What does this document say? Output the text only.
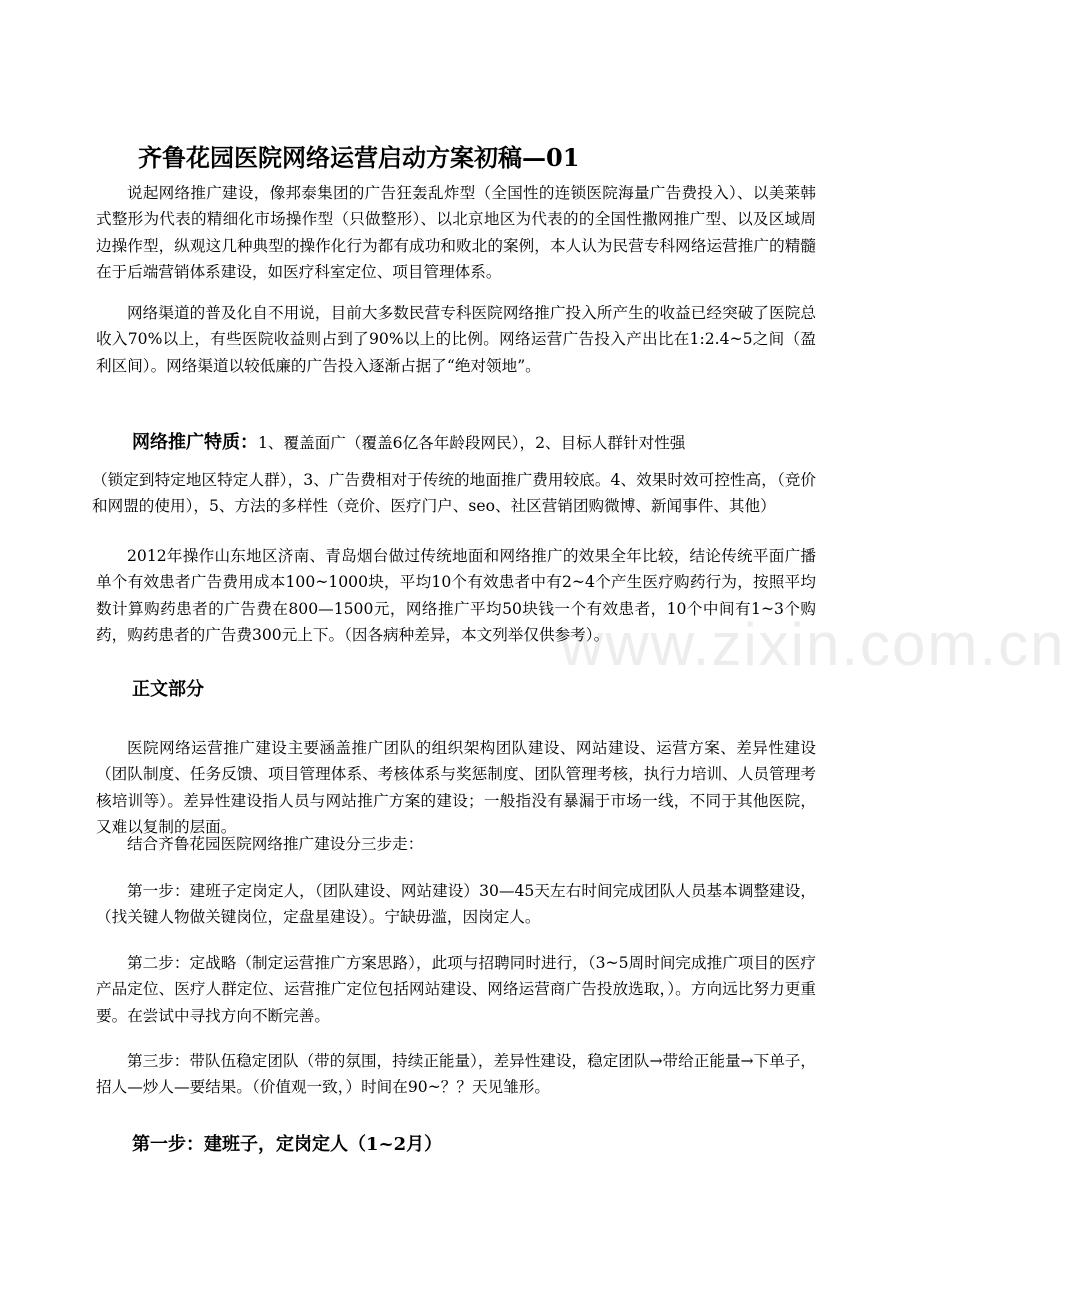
www.zixin.com.cn
齐鲁花园医院网络运营启动方案初稿—01

说起网络推广建设，像邦泰集团的广告狂轰乱炸型（全国性的连锁医院海量广告费投入）、以美莱韩式整形为代表的精细化市场操作型（只做整形）、以北京地区为代表的的全国性撒网推广型、以及区域周边操作型，纵观这几种典型的操作化行为都有成功和败北的案例，本人认为民营专科网络运营推广的精髓在于后端营销体系建设，如医疗科室定位、项目管理体系。

网络渠道的普及化自不用说，目前大多数民营专科医院网络推广投入所产生的收益已经突破了医院总收入70%以上，有些医院收益则占到了90%以上的比例。网络运营广告投入产出比在1:2.4~5之间（盈利区间）。网络渠道以较低廉的广告投入逐渐占据了“绝对领地”。

网络推广特质：1、覆盖面广（覆盖6亿各年龄段网民），2、目标人群针对性强

（锁定到特定地区特定人群），3、广告费相对于传统的地面推广费用较底。4、效果时效可控性高，（竞价和网盟的使用），5、方法的多样性（竞价、医疗门户、seo、社区营销团购微博、新闻事件、其他）

2012年操作山东地区济南、青岛烟台做过传统地面和网络推广的效果全年比较，结论传统平面广播单个有效患者广告费用成本100~1000块，平均10个有效患者中有2~4个产生医疗购药行为，按照平均数计算购药患者的广告费在800—1500元，网络推广平均50块钱一个有效患者，10个中间有1~3个购药，购药患者的广告费300元上下。（因各病种差异，本文列举仅供参考）。

正文部分

医院网络运营推广建设主要涵盖推广团队的组织架构团队建设、网站建设、运营方案、差异性建设（团队制度、任务反馈、项目管理体系、考核体系与奖惩制度、团队管理考核，执行力培训、人员管理考核培训等）。差异性建设指人员与网站推广方案的建设；一般指没有暴漏于市场一线，不同于其他医院，又难以复制的层面。

结合齐鲁花园医院网络推广建设分三步走：

第一步：建班子定岗定人，（团队建设、网站建设）30—45天左右时间完成团队人员基本调整建设，（找关键人物做关键岗位，定盘星建设）。宁缺毋滥，因岗定人。

第二步：定战略（制定运营推广方案思路），此项与招聘同时进行，（3~5周时间完成推广项目的医疗产品定位、医疗人群定位、运营推广定位包括网站建设、网络运营商广告投放选取，）。方向远比努力更重要。在尝试中寻找方向不断完善。

第三步：带队伍稳定团队（带的氛围，持续正能量），差异性建设，稳定团队→带给正能量→下单子，招人—炒人—要结果。（价值观一致，）时间在90~？？天见雏形。

第一步：建班子，定岗定人（1~2月）
